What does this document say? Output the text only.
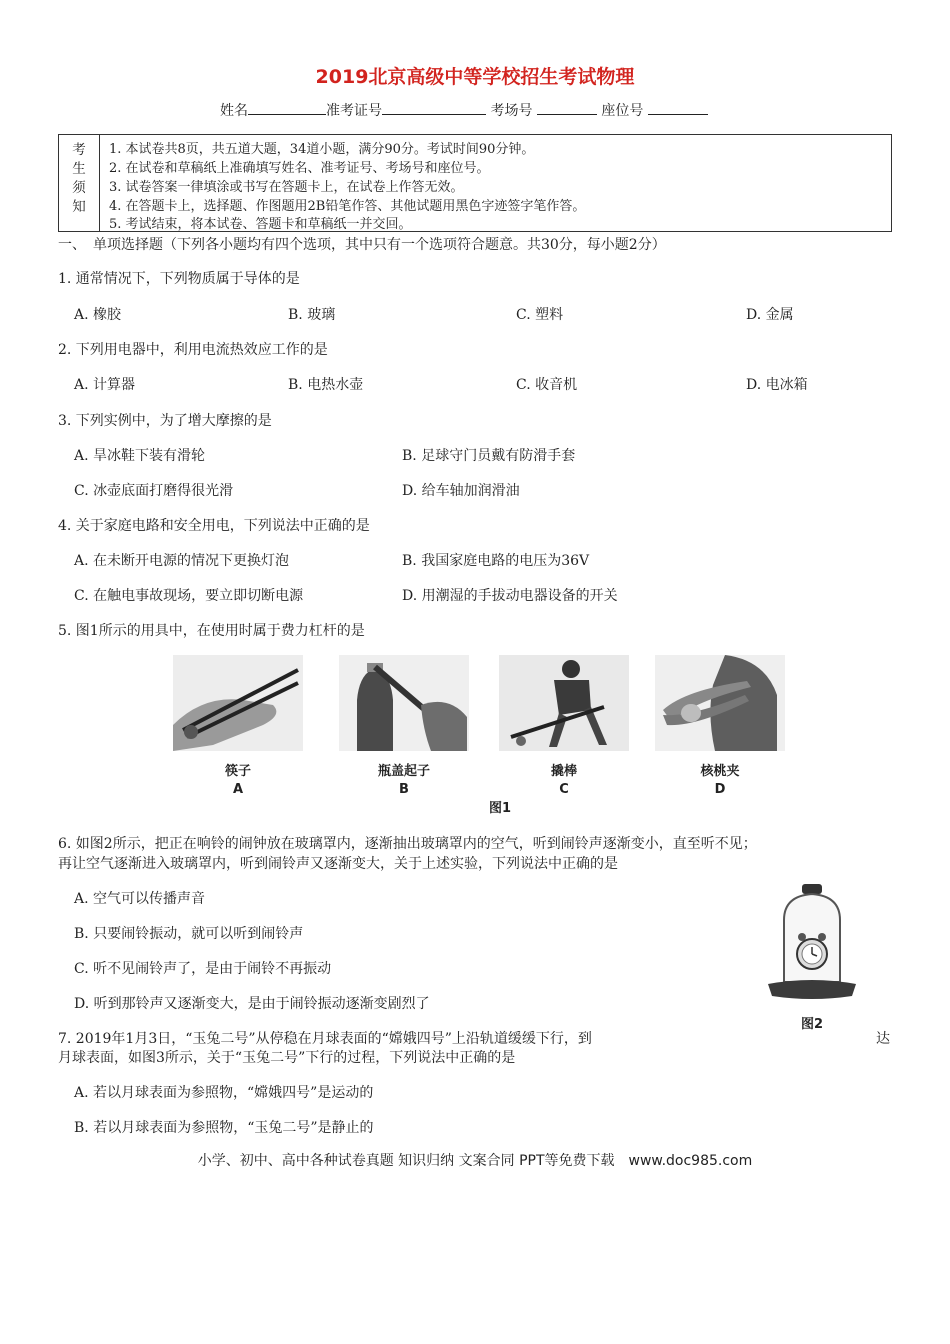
2019北京高级中等学校招生考试物理
姓名	准考证号	考场号	座位号
考
生
须
知
1. 本试卷共8页，共五道大题，34道小题，满分90分。考试时间90分钟。
2. 在试卷和草稿纸上准确填写姓名、准考证号、考场号和座位号。
3. 试卷答案一律填涂或书写在答题卡上，在试卷上作答无效。
4. 在答题卡上，选择题、作图题用2B铅笔作答、其他试题用黑色字迹签字笔作答。
5. 考试结束，将本试卷、答题卡和草稿纸一并交回。
一、　单项选择题（下列各小题均有四个选项，其中只有一个选项符合题意。共30分，每小题2分）
1. 通常情况下，下列物质属于导体的是
A. 橡胶	B. 玻璃	C. 塑料	D. 金属
2. 下列用电器中，利用电流热效应工作的是
A. 计算器	B. 电热水壶	C. 收音机	D. 电冰箱
3. 下列实例中，为了增大摩擦的是
A. 旱冰鞋下装有滑轮	B. 足球守门员戴有防滑手套
C. 冰壶底面打磨得很光滑	D. 给车轴加润滑油
4. 关于家庭电路和安全用电，下列说法中正确的是
A. 在未断开电源的情况下更换灯泡	B. 我国家庭电路的电压为36V
C. 在触电事故现场，要立即切断电源	D. 用潮湿的手拔动电器设备的开关
5. 图1所示的用具中，在使用时属于费力杠杆的是
筷子	瓶盖起子	撬棒	核桃夹
A	B	C	D
图1
6. 如图2所示，把正在响铃的闹钟放在玻璃罩内，逐渐抽出玻璃罩内的空气，听到闹铃声逐渐变小，直至听不见；
再让空气逐渐进入玻璃罩内，听到闹铃声又逐渐变大，关于上述实验，下列说法中正确的是
A. 空气可以传播声音
B. 只要闹铃振动，就可以听到闹铃声
C. 听不见闹铃声了，是由于闹铃不再振动
D. 听到那铃声又逐渐变大，是由于闹铃振动逐渐变剧烈了
图2
7. 2019年1月3日，“玉兔二号”从停稳在月球表面的“嫦娥四号”上沿轨道缓缓下行，到	达
月球表面，如图3所示，关于“玉兔二号”下行的过程，下列说法中正确的是
A. 若以月球表面为参照物，“嫦娥四号”是运动的
B. 若以月球表面为参照物，“玉兔二号”是静止的
小学、初中、高中各种试卷真题 知识归纳 文案合同 PPT等免费下载　www.doc985.com
